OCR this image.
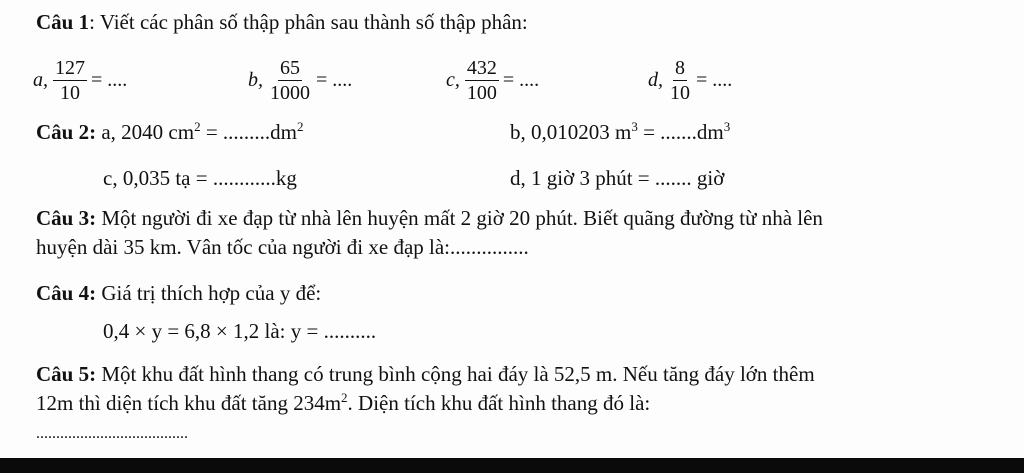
Câu 1: Viết các phân số thập phân sau thành số thập phân:
a, $\frac{127}{10}$ = ....	b, $\frac{65}{1000}$ = ....	c, $\frac{432}{100}$ = ....	d, $\frac{8}{10}$ = ....
Câu 2: a, 2040 $cm^2 = .........dm^2$	b, 0,010203 $m^3 = .......dm^3$
c, 0,035 tạ = ............kg	d, 1 giờ 3 phút = ....... giờ
Câu 3: Một người đi xe đạp từ nhà lên huyện mất 2 giờ 20 phút. Biết quãng đường từ nhà lên
huyện dài 35 km. Vân tốc của người đi xe đạp là:...............
Câu 4: Giá trị thích hợp của y để:
0,4 × y = 6,8 × 1,2 là: y = ..........
Câu 5: Một khu đất hình thang có trung bình cộng hai đáy là 52,5 m. Nếu tăng đáy lớn thêm
12m thì diện tích khu đất tăng $234m^2$. Diện tích khu đất hình thang đó là:
......................................
